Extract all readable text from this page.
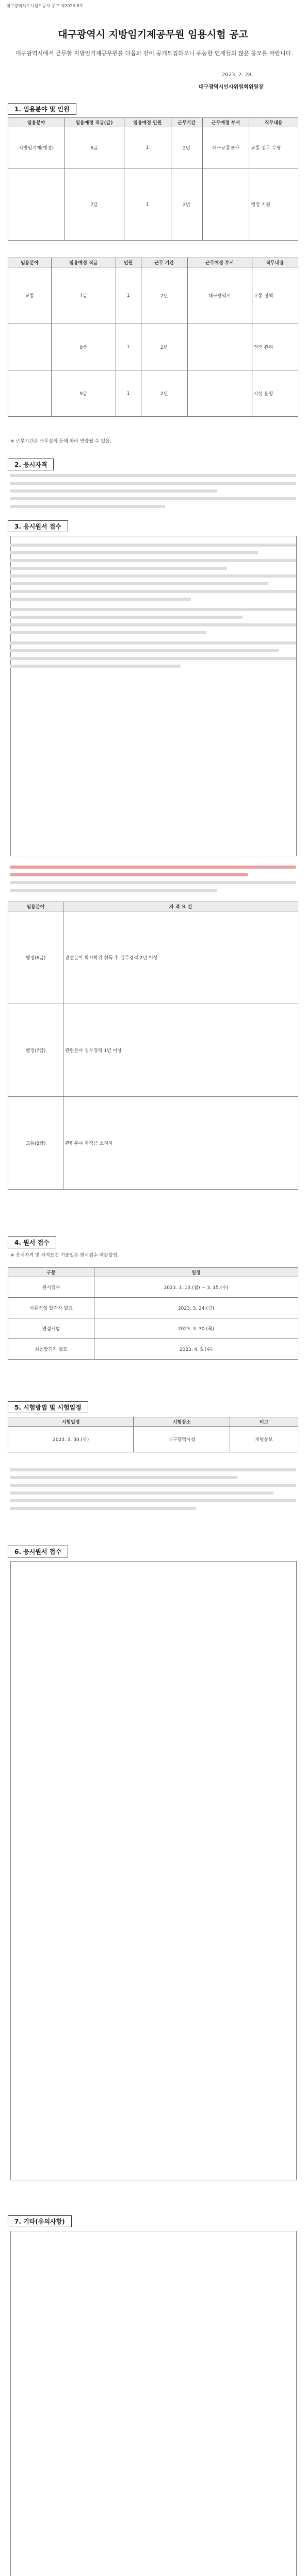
대구광역시도시철도공사 공고 제2023-8호
대구광역시 지방임기제공무원 임용시험 공고
대구광역시에서 근무할 지방임기제공무원을 다음과 같이 공개모집하오니 유능한 인재들의 많은 응모를 바랍니다.
2023. 2. 28.
대구광역시인사위원회위원장
1. 임용분야 및 인원
임용분야	임용예정 직급(급)	임용예정 인원	근무기간	근무예정 부서	직무내용
지방임기제(행정)	6급	1	2년	대구교통공사	교통 업무 수행
	7급	1	2년		행정 지원
임용분야	임용예정 직급	인원	근무 기간	근무예정 부서	직무내용
교통	7급	1	2년	대구광역시	교통 정책
	8급	1	2년		안전 관리
	9급	1	2년		시설 운영
※ 근무기간은 근무실적 등에 따라 연장될 수 있음.
2. 응시자격
3. 응시원서 접수
임용분야	자 격 요 건
행정(6급)	관련분야 학사학위 취득 후 실무경력 2년 이상
행정(7급)	관련분야 실무경력 1년 이상
교통(8급)	관련분야 자격증 소지자
4. 원서 접수
※ 응시자격 및 자격요건 기준일은 원서접수 마감일임.
구분	일정
원서접수	2023. 3. 13.(월) ~ 3. 15.(수)
서류전형 합격자 발표	2023. 3. 24.(금)
면접시험	2023. 3. 30.(목)
최종합격자 발표	2023. 4. 5.(수)
5. 시험방법 및 시험일정
시험일정	시험장소	비고
2023. 3. 30.(목)	대구광역시청	개별통보
6. 응시원서 접수
7. 기타(유의사항)
